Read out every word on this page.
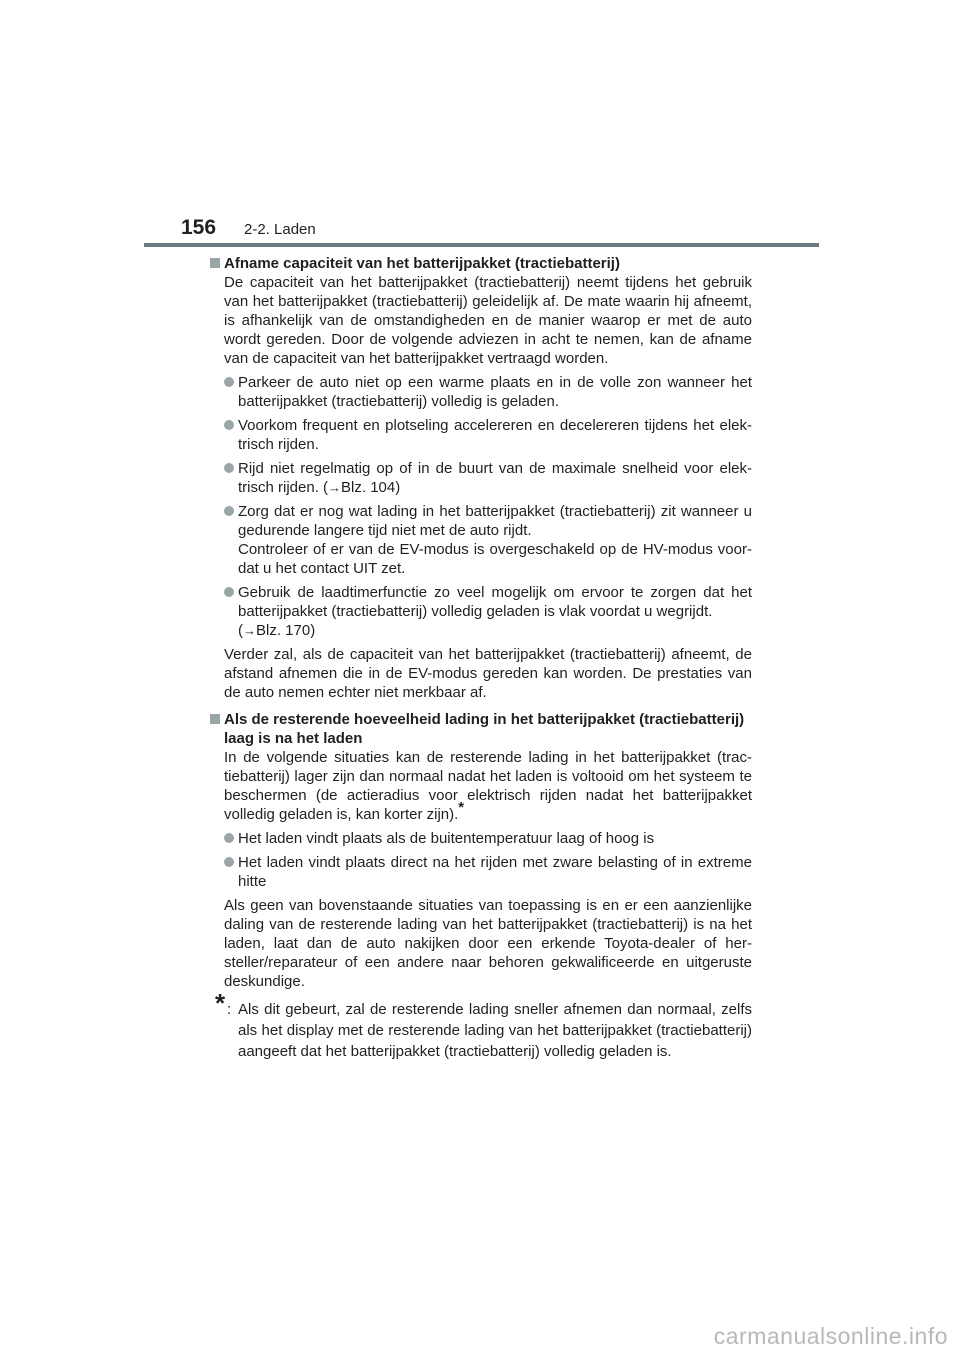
156 2-2. Laden
Afname capaciteit van het batterijpakket (tractiebatterij)
De capaciteit van het batterijpakket (tractiebatterij) neemt tijdens het gebruik van het batterijpakket (tractiebatterij) geleidelijk af. De mate waarin hij afneemt, is afhankelijk van de omstandigheden en de manier waarop er met de auto wordt gereden. Door de volgende adviezen in acht te nemen, kan de afname van de capaciteit van het batterijpakket vertraagd worden.
Parkeer de auto niet op een warme plaats en in de volle zon wanneer het batterijpakket (tractiebatterij) volledig is geladen.
Voorkom frequent en plotseling accelereren en decelereren tijdens het elektrisch rijden.
Rijd niet regelmatig op of in de buurt van de maximale snelheid voor elektrisch rijden. (→Blz. 104)
Zorg dat er nog wat lading in het batterijpakket (tractiebatterij) zit wanneer u gedurende langere tijd niet met de auto rijdt.
Controleer of er van de EV-modus is overgeschakeld op de HV-modus voordat u het contact UIT zet.
Gebruik de laadtimerfunctie zo veel mogelijk om ervoor te zorgen dat het batterijpakket (tractiebatterij) volledig geladen is vlak voordat u wegrijdt.
(→Blz. 170)
Verder zal, als de capaciteit van het batterijpakket (tractiebatterij) afneemt, de afstand afnemen die in de EV-modus gereden kan worden. De prestaties van de auto nemen echter niet merkbaar af.
Als de resterende hoeveelheid lading in het batterijpakket (tractiebatterij) laag is na het laden
In de volgende situaties kan de resterende lading in het batterijpakket (tractiebatterij) lager zijn dan normaal nadat het laden is voltooid om het systeem te beschermen (de actieradius voor elektrisch rijden nadat het batterijpakket volledig geladen is, kan korter zijn).*
Het laden vindt plaats als de buitentemperatuur laag of hoog is
Het laden vindt plaats direct na het rijden met zware belasting of in extreme hitte
Als geen van bovenstaande situaties van toepassing is en er een aanzienlijke daling van de resterende lading van het batterijpakket (tractiebatterij) is na het laden, laat dan de auto nakijken door een erkende Toyota-dealer of hersteller/reparateur of een andere naar behoren gekwalificeerde en uitgeruste deskundige.
* : Als dit gebeurt, zal de resterende lading sneller afnemen dan normaal, zelfs als het display met de resterende lading van het batterijpakket (tractiebatterij) aangeeft dat het batterijpakket (tractiebatterij) volledig geladen is.
carmanualsonline.info
